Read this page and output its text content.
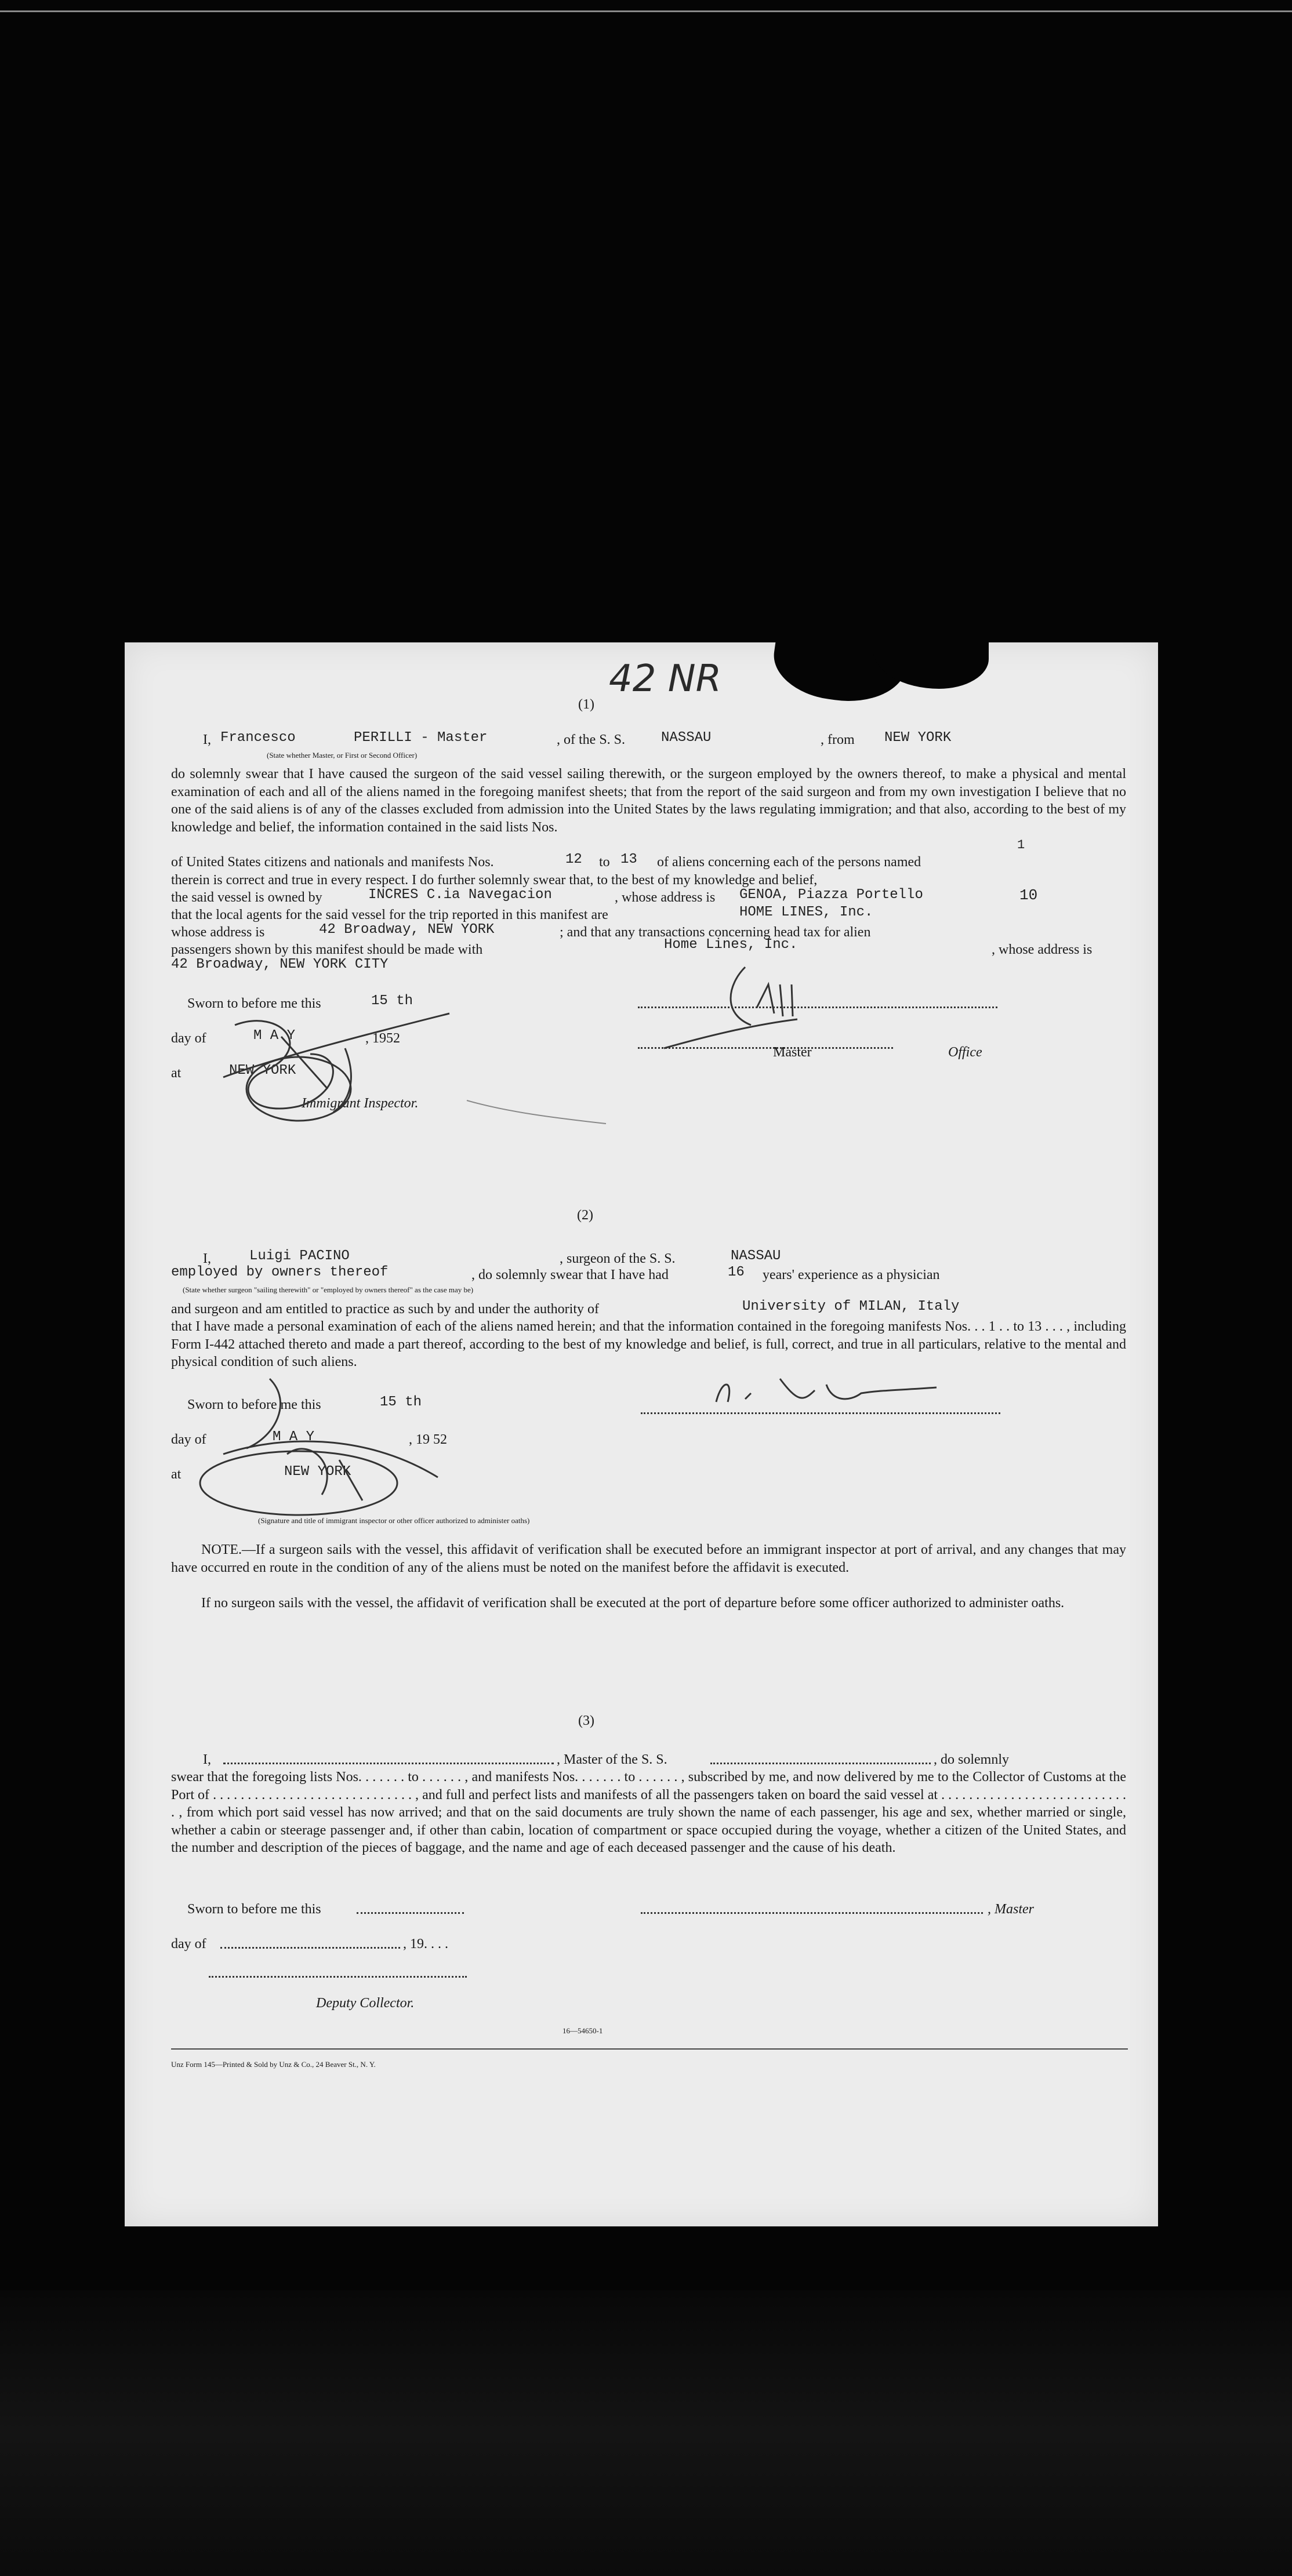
(1)
42 NR
I, Francesco	PERILLI - Master	, of the S. S.	NASSAU	, from NEW YORK
(State whether Master, or First or Second Officer)
do solemnly swear that I have caused the surgeon of the said vessel sailing therewith, or the surgeon employed by the owners thereof, to make a physical and mental examination of each and all of the aliens named in the foregoing manifest sheets; that from the report of the said surgeon and from my own investigation I believe that no one of the said aliens is of any of the classes excluded from admission into the United States by the laws regulating immigration; and that also, according to the best of my knowledge and belief, the information contained in the said lists Nos.
1
of United States citizens and nationals and manifests Nos.	12 to 13 of aliens concerning each of the persons named
therein is correct and true in every respect. I do further solemnly swear that, to the best of my knowledge and belief,
the said vessel is owned by	INCRES C.ia Navegacion	, whose address is GENOA, Piazza Portello	10
that the local agents for the said vessel for the trip reported in this manifest are	HOME LINES, Inc.
whose address is	42 Broadway, NEW YORK	; and that any transactions concerning head tax for alien
passengers shown by this manifest should be made with	Home Lines, Inc.	, whose address is
42 Broadway, NEW YORK CITY
Sworn to before me this	15 th
day of	M A Y	, 1952
at	NEW YORK
Immigrant Inspector.
Master	Office
(2)
I,	Luigi PACINO	, surgeon of the S. S.	NASSAU
employed by owners thereof	, do solemnly swear that I have had	16 years' experience as a physician
(State whether surgeon "sailing therewith" or "employed by owners thereof" as the case may be)
and surgeon and am entitled to practice as such by and under the authority of	University of MILAN, Italy
that I have made a personal examination of each of the aliens named herein; and that the information contained in the foregoing manifests Nos. . . 1 . . to 13 . . . , including Form I-442 attached thereto and made a part thereof, according to the best of my knowledge and belief, is full, correct, and true in all particulars, relative to the mental and physical condition of such aliens.
Sworn to before me this	15 th
day of	M A Y	, 19 52
at	NEW YORK
(Signature and title of immigrant inspector or other officer authorized to administer oaths)
NOTE.—If a surgeon sails with the vessel, this affidavit of verification shall be executed before an immigrant inspector at port of arrival, and any changes that may have occurred en route in the condition of any of the aliens must be noted on the manifest before the affidavit is executed.
If no surgeon sails with the vessel, the affidavit of verification shall be executed at the port of departure before some officer authorized to administer oaths.
(3)
I,	, Master of the S. S.	, do solemnly
swear that the foregoing lists Nos. . . . . . . to . . . . . . , and manifests Nos. . . . . . . to . . . . . . , subscribed by me, and now delivered by me to the Collector of Customs at the Port of . . . . . . . . . . . . . . . . . . . . . . . . . . . . . , and full and perfect lists and manifests of all the passengers taken on board the said vessel at . . . . . . . . . . . . . . . . . . . . . . . . . . . . , from which port said vessel has now arrived; and that on the said documents are truly shown the name of each passenger, his age and sex, whether married or single, whether a cabin or steerage passenger and, if other than cabin, location of compartment or space occupied during the voyage, whether a citizen of the United States, and the number and description of the pieces of baggage, and the name and age of each deceased passenger and the cause of his death.
Sworn to before me this	, Master
day of	, 19. . . .
Deputy Collector.
16—54650-1
Unz Form 145—Printed & Sold by Unz & Co., 24 Beaver St., N. Y.
